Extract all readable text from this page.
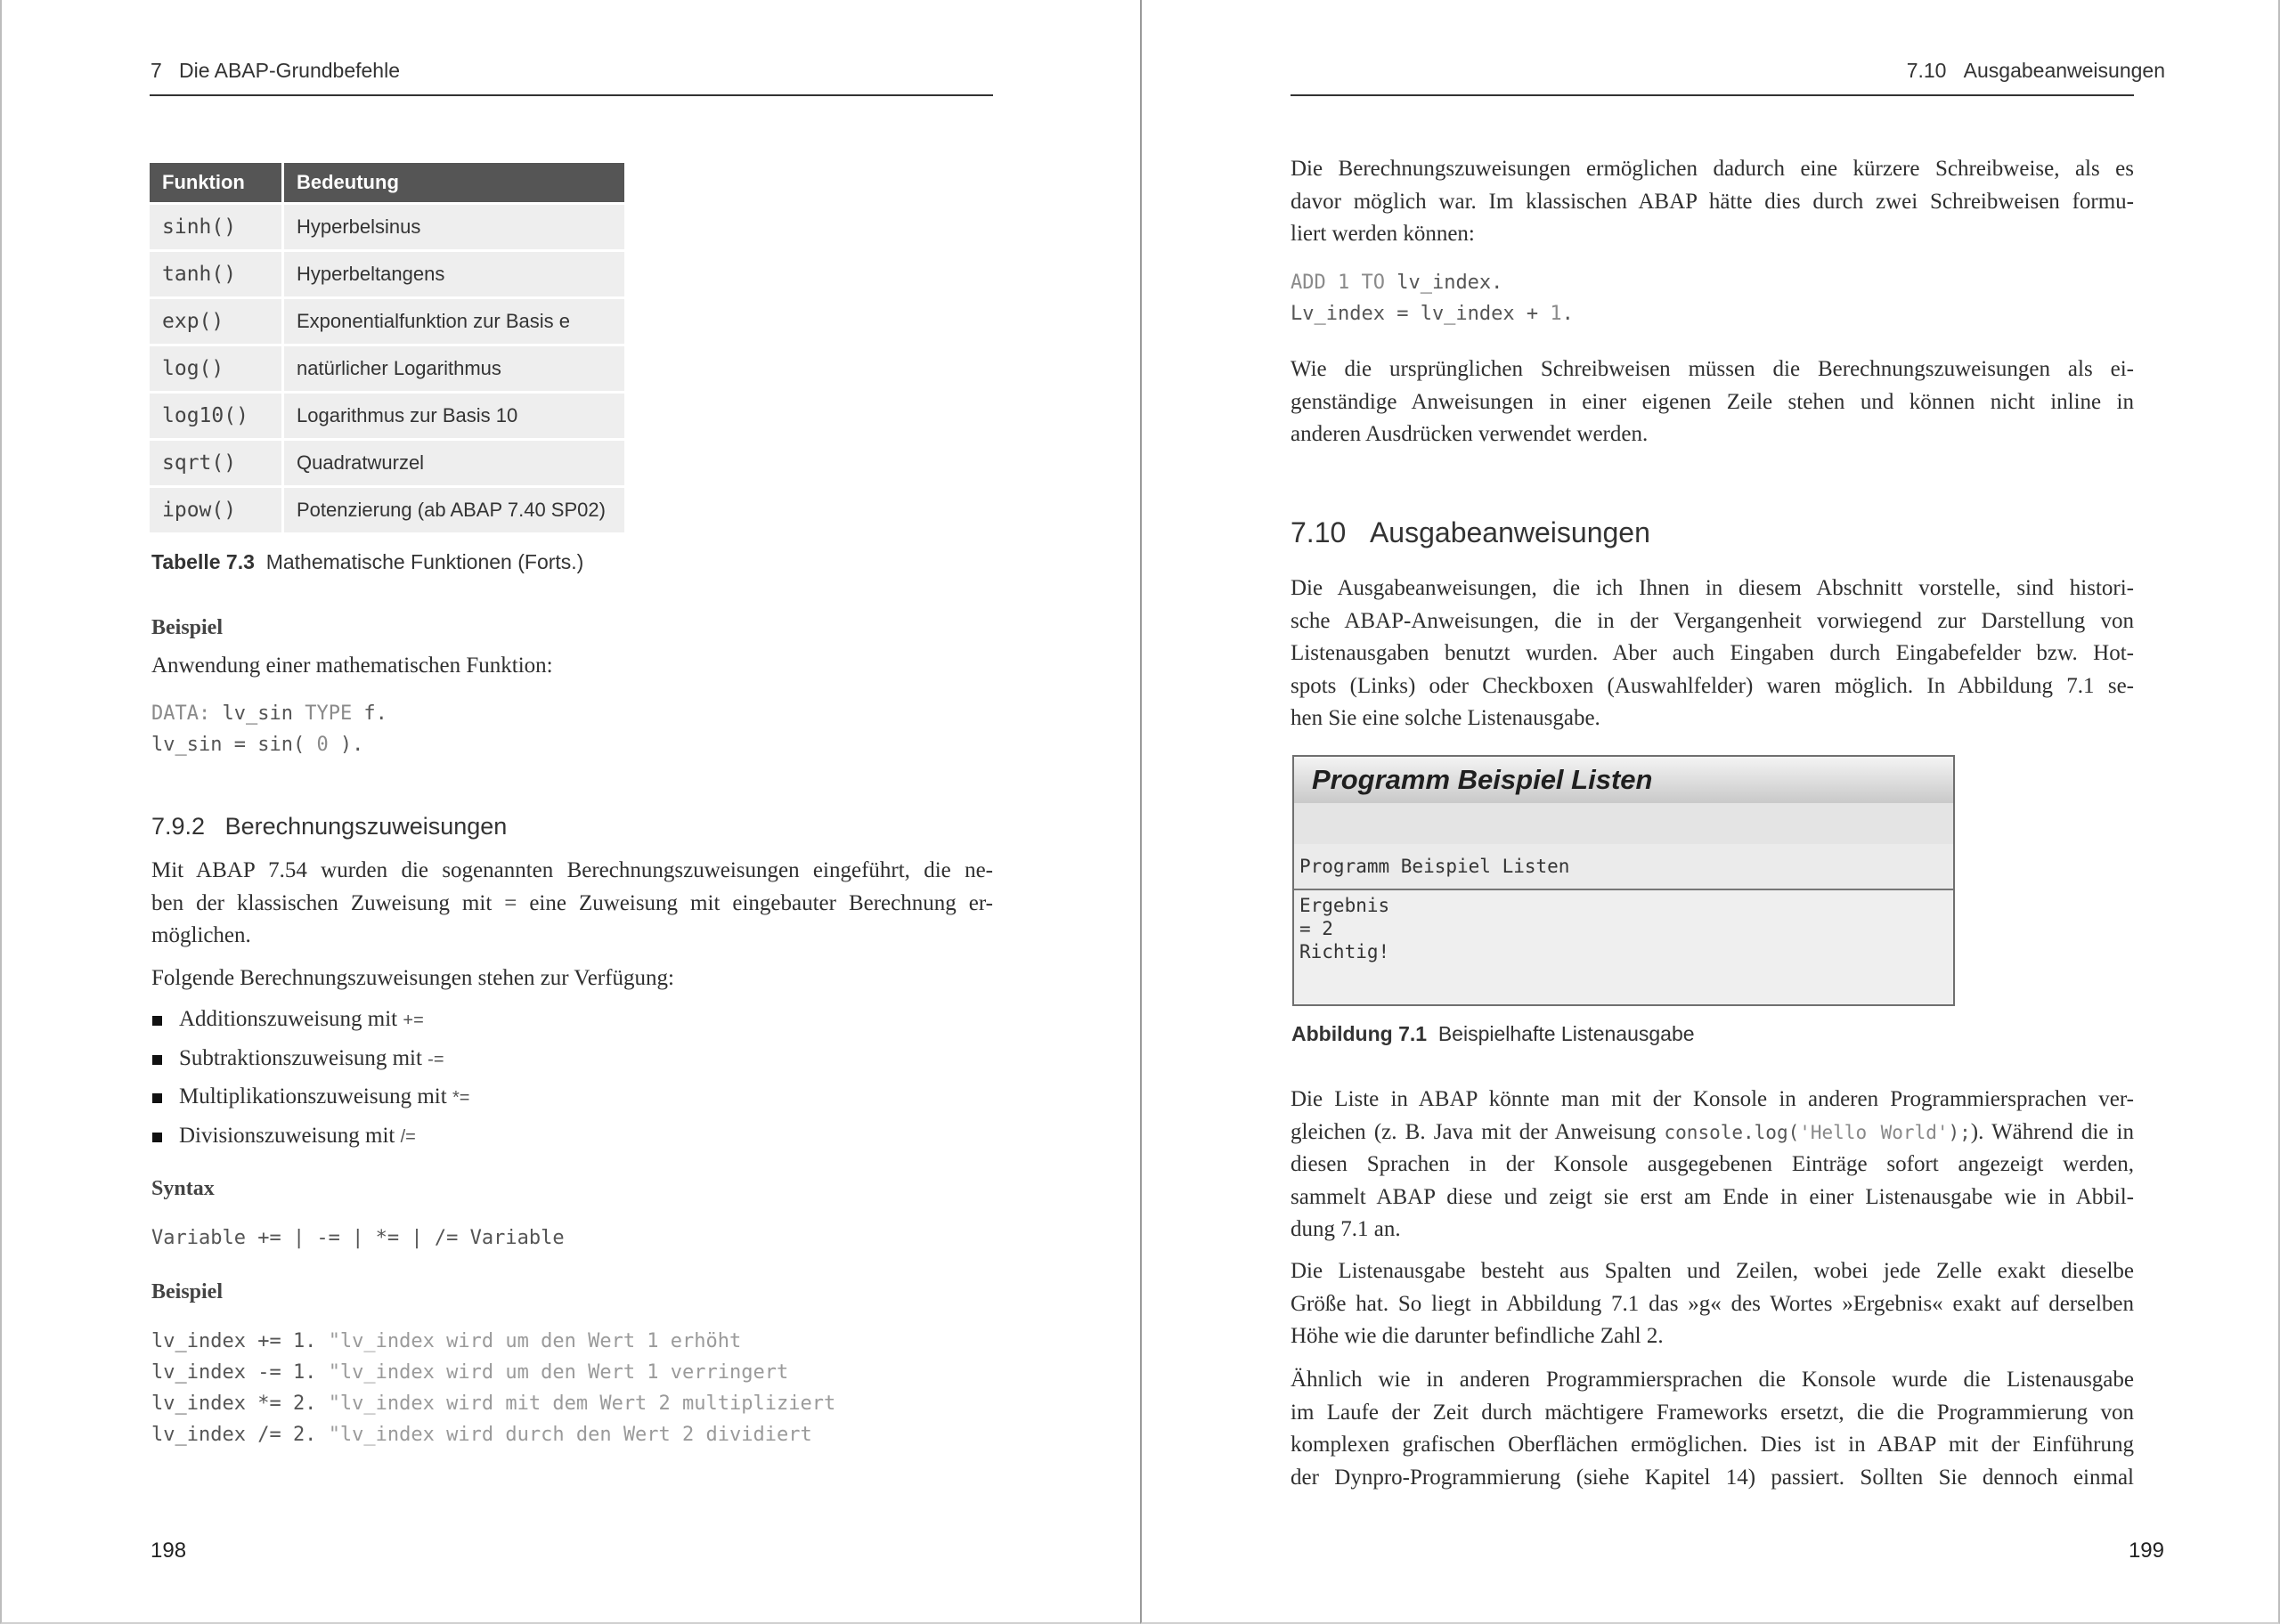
7 Die ABAP-Grundbefehle
Funktion	Bedeutung
sinh()	Hyperbelsinus
tanh()	Hyperbeltangens
exp()	Exponentialfunktion zur Basis e
log()	natürlicher Logarithmus
log10()	Logarithmus zur Basis 10
sqrt()	Quadratwurzel
ipow()	Potenzierung (ab ABAP 7.40 SP02)
Tabelle 7.3 Mathematische Funktionen (Forts.)
Beispiel
Anwendung einer mathematischen Funktion:
DATA: lv_sin TYPE f.
lv_sin = sin( 0 ).
7.9.2 Berechnungszuweisungen
Mit ABAP 7.54 wurden die sogenannten Berechnungszuweisungen eingeführt, die ne-
ben der klassischen Zuweisung mit = eine Zuweisung mit eingebauter Berechnung er-
möglichen.
Folgende Berechnungszuweisungen stehen zur Verfügung:
Additionszuweisung mit +=
Subtraktionszuweisung mit -=
Multiplikationszuweisung mit *=
Divisionszuweisung mit /=
Syntax
Variable += | -= | *= | /= Variable
Beispiel
lv_index += 1. "lv_index wird um den Wert 1 erhöht
lv_index -= 1. "lv_index wird um den Wert 1 verringert
lv_index *= 2. "lv_index wird mit dem Wert 2 multipliziert
lv_index /= 2. "lv_index wird durch den Wert 2 dividiert
198
7.10 Ausgabeanweisungen
Die Berechnungszuweisungen ermöglichen dadurch eine kürzere Schreibweise, als es
davor möglich war. Im klassischen ABAP hätte dies durch zwei Schreibweisen formu-
liert werden können:
ADD 1 TO lv_index.
Lv_index = lv_index + 1.
Wie die ursprünglichen Schreibweisen müssen die Berechnungszuweisungen als ei-
genständige Anweisungen in einer eigenen Zeile stehen und können nicht inline in
anderen Ausdrücken verwendet werden.
7.10 Ausgabeanweisungen
Die Ausgabeanweisungen, die ich Ihnen in diesem Abschnitt vorstelle, sind histori-
sche ABAP-Anweisungen, die in der Vergangenheit vorwiegend zur Darstellung von
Listenausgaben benutzt wurden. Aber auch Eingaben durch Eingabefelder bzw. Hot-
spots (Links) oder Checkboxen (Auswahlfelder) waren möglich. In Abbildung 7.1 se-
hen Sie eine solche Listenausgabe.
Programm Beispiel Listen
Programm Beispiel Listen
Ergebnis
= 2
Richtig!
Abbildung 7.1 Beispielhafte Listenausgabe
Die Liste in ABAP könnte man mit der Konsole in anderen Programmiersprachen ver-
gleichen (z. B. Java mit der Anweisung console.log('Hello World');). Während die in
diesen Sprachen in der Konsole ausgegebenen Einträge sofort angezeigt werden,
sammelt ABAP diese und zeigt sie erst am Ende in einer Listenausgabe wie in Abbil-
dung 7.1 an.
Die Listenausgabe besteht aus Spalten und Zeilen, wobei jede Zelle exakt dieselbe
Größe hat. So liegt in Abbildung 7.1 das »g« des Wortes »Ergebnis« exakt auf derselben
Höhe wie die darunter befindliche Zahl 2.
Ähnlich wie in anderen Programmiersprachen die Konsole wurde die Listenausgabe
im Laufe der Zeit durch mächtigere Frameworks ersetzt, die die Programmierung von
komplexen grafischen Oberflächen ermöglichen. Dies ist in ABAP mit der Einführung
der Dynpro-Programmierung (siehe Kapitel 14) passiert. Sollten Sie dennoch einmal
199
